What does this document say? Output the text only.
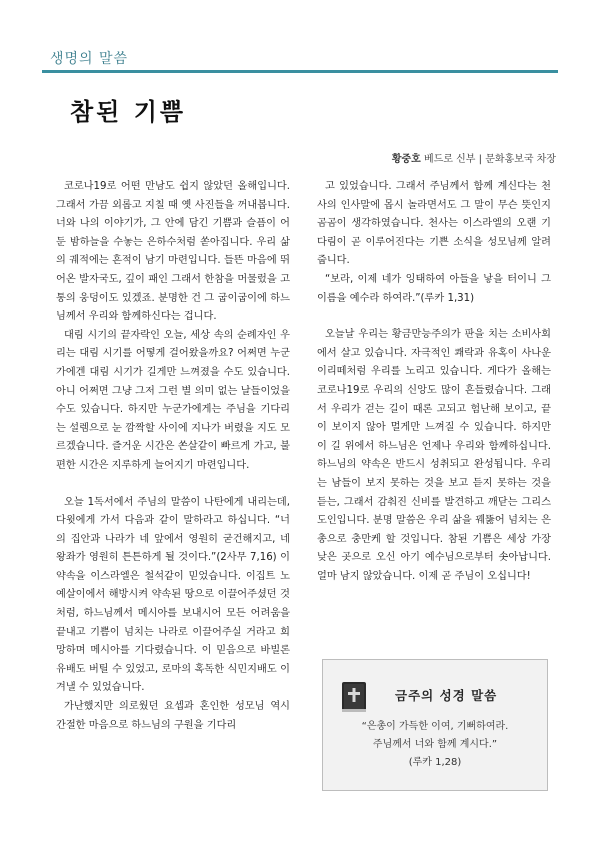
생명의 말씀
참된 기쁨
황중호 베드로 신부 | 문화홍보국 차장

코로나19로 어떤 만남도 쉽지 않았던 올해입니다. 그래서 가끔 외롭고 지칠 때 옛 사진들을 꺼내봅니다. 너와 나의 이야기가, 그 안에 담긴 기쁨과 슬픔이 어둔 밤하늘을 수놓는 은하수처럼 쏟아집니다. 우리 삶의 궤적에는 흔적이 남기 마련입니다. 들뜬 마음에 뛰어온 발자국도, 깊이 패인 그래서 한참을 머물렀을 고통의 웅덩이도 있겠죠. 분명한 건 그 굽이굽이에 하느님께서 우리와 함께하신다는 겁니다.

대림 시기의 끝자락인 오늘, 세상 속의 순례자인 우리는 대림 시기를 어떻게 걸어왔을까요? 어쩌면 누군가에겐 대림 시기가 길게만 느껴졌을 수도 있습니다. 아니 어쩌면 그냥 그저 그런 별 의미 없는 날들이었을 수도 있습니다. 하지만 누군가에게는 주님을 기다리는 설렘으로 눈 깜짝할 사이에 지나가 버렸을 지도 모르겠습니다. 즐거운 시간은 쏜살같이 빠르게 가고, 불편한 시간은 지루하게 늘어지기 마련입니다.

오늘 1독서에서 주님의 말씀이 나탄에게 내리는데, 다윗에게 가서 다음과 같이 말하라고 하십니다. “너의 집안과 나라가 네 앞에서 영원히 굳건해지고, 네 왕좌가 영원히 튼튼하게 될 것이다.”(2사무 7,16) 이 약속을 이스라엘은 철석같이 믿었습니다. 이집트 노예살이에서 해방시켜 약속된 땅으로 이끌어주셨던 것처럼, 하느님께서 메시아를 보내시어 모든 어려움을 끝내고 기쁨이 넘치는 나라로 이끌어주실 거라고 희망하며 메시아를 기다렸습니다. 이 믿음으로 바빌론 유배도 버틸 수 있었고, 로마의 혹독한 식민지배도 이겨낼 수 있었습니다.

가난했지만 의로웠던 요셉과 혼인한 성모님 역시 간절한 마음으로 하느님의 구원을 기다리

고 있었습니다. 그래서 주님께서 함께 계신다는 천사의 인사말에 몹시 놀라면서도 그 말이 무슨 뜻인지 곰곰이 생각하였습니다. 천사는 이스라엘의 오랜 기다림이 곧 이루어진다는 기쁜 소식을 성모님께 알려줍니다.

“보라, 이제 네가 잉태하여 아들을 낳을 터이니 그 이름을 예수라 하여라.”(루카 1,31)

오늘날 우리는 황금만능주의가 판을 치는 소비사회에서 살고 있습니다. 자극적인 쾌락과 유혹이 사나운 이리떼처럼 우리를 노리고 있습니다. 게다가 올해는 코로나19로 우리의 신앙도 많이 흔들렸습니다. 그래서 우리가 걷는 길이 때론 고되고 험난해 보이고, 끝이 보이지 않아 멀게만 느껴질 수 있습니다. 하지만 이 길 위에서 하느님은 언제나 우리와 함께하십니다. 하느님의 약속은 반드시 성취되고 완성됩니다. 우리는 남들이 보지 못하는 것을 보고 듣지 못하는 것을 듣는, 그래서 감춰진 신비를 발견하고 깨닫는 그리스도인입니다. 분명 말씀은 우리 삶을 꿰뚫어 넘치는 은총으로 충만케 할 것입니다. 참된 기쁨은 세상 가장 낮은 곳으로 오신 아기 예수님으로부터 솟아납니다. 얼마 남지 않았습니다. 이제 곧 주님이 오십니다!

금주의 성경 말씀
“은총이 가득한 이여, 기뻐하여라.
주님께서 너와 함께 계시다.”
(루카 1,28)
